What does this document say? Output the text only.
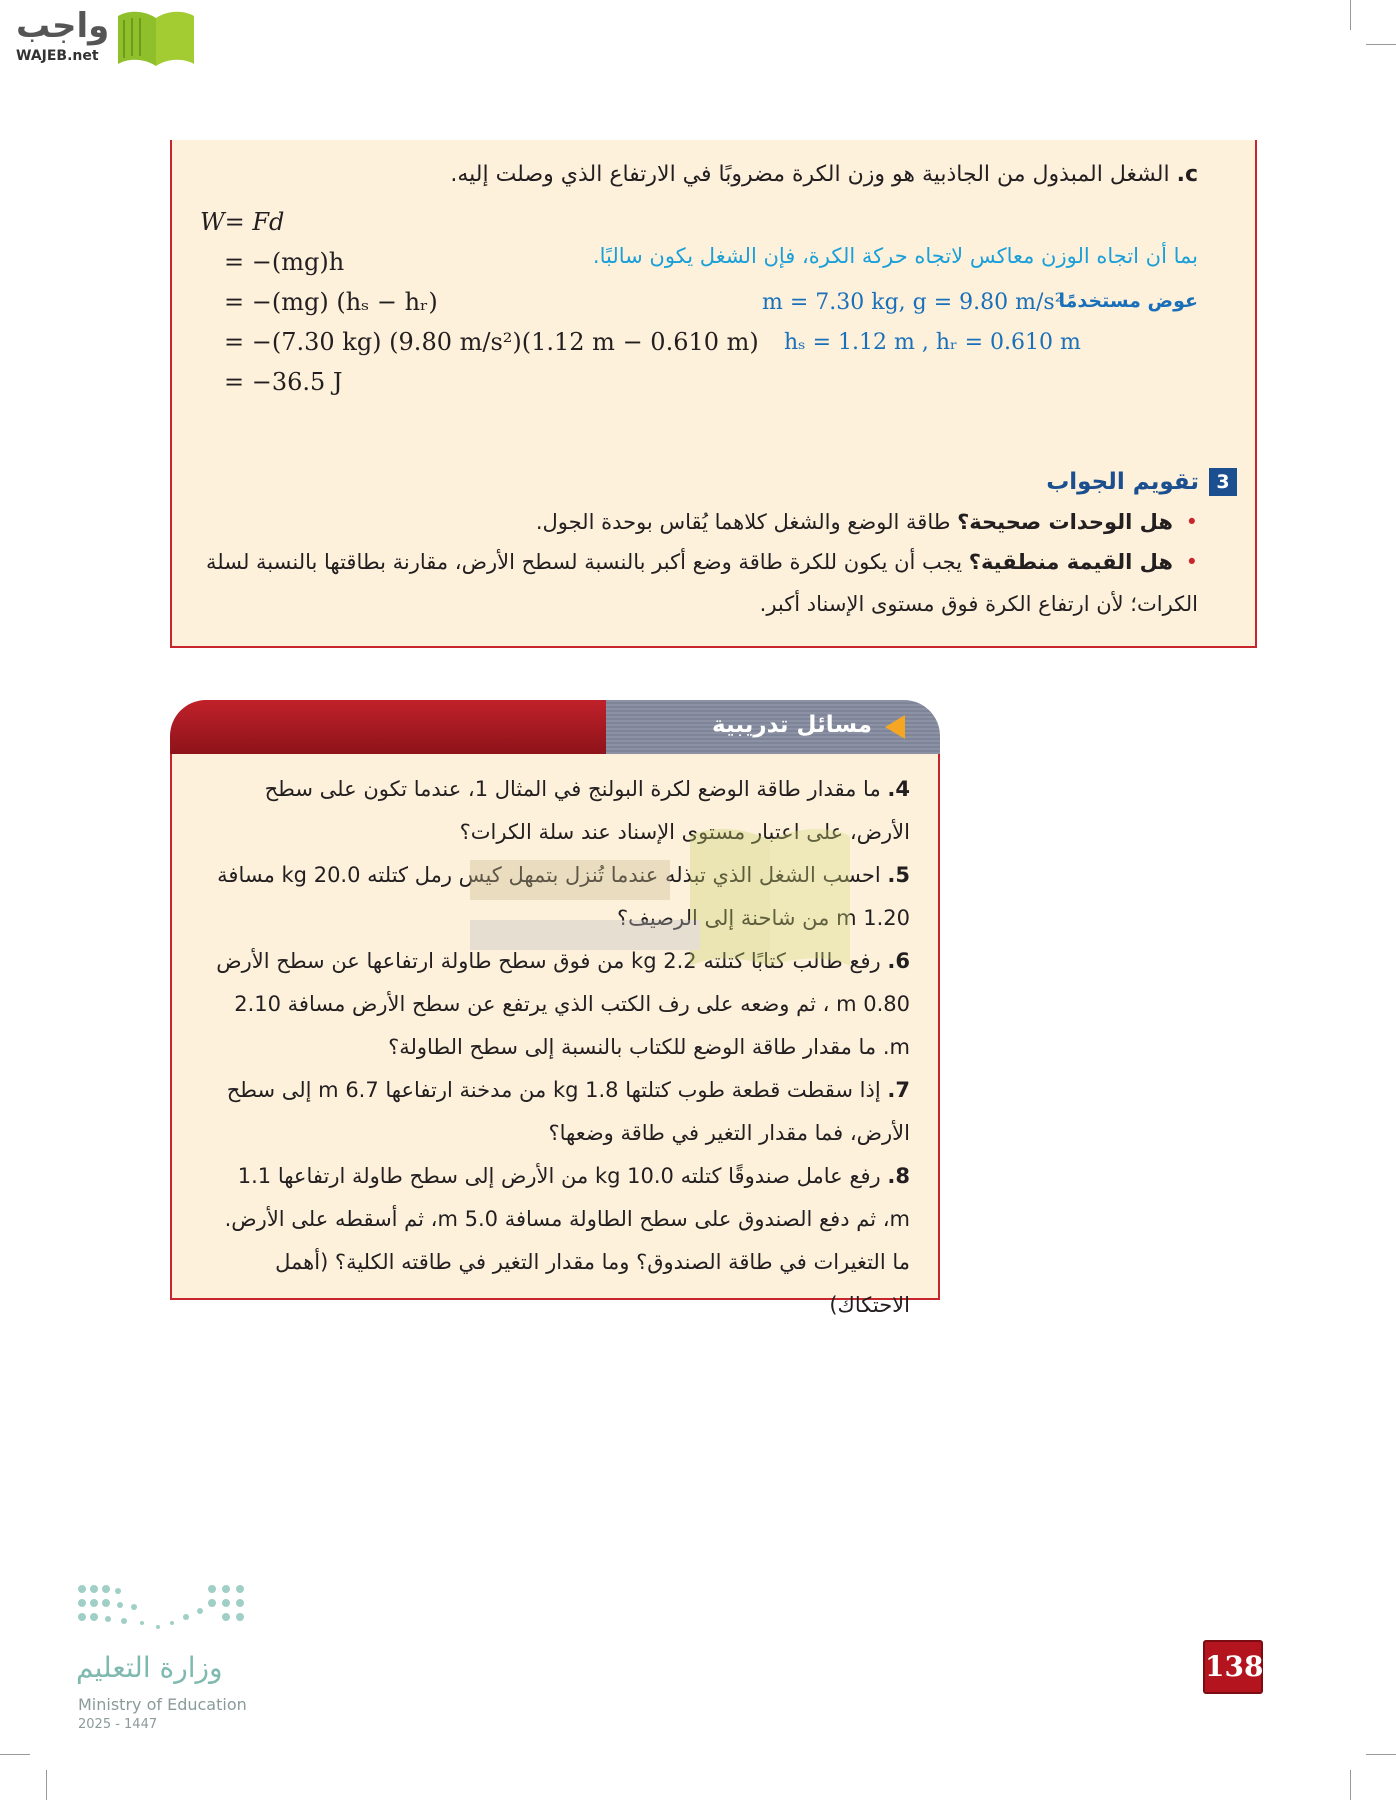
واجب
WAJEB.net
c. الشغل المبذول من الجاذبية هو وزن الكرة مضروبًا في الارتفاع الذي وصلت إليه.
W= Fd
= −(mg)h
= −(mg) (hₛ − hᵣ)
= −(7.30 kg) (9.80 m/s²)(1.12 m − 0.610 m)
= −36.5 J
بما أن اتجاه الوزن معاكس لاتجاه حركة الكرة، فإن الشغل يكون سالبًا.
عوض مستخدمًا
m = 7.30 kg, g = 9.80 m/s²
hₛ = 1.12 m , hᵣ = 0.610 m
3
تقويم الجواب
• هل الوحدات صحيحة؟ طاقة الوضع والشغل كلاهما يُقاس بوحدة الجول.
• هل القيمة منطقية؟ يجب أن يكون للكرة طاقة وضع أكبر بالنسبة لسطح الأرض، مقارنة بطاقتها بالنسبة لسلة
الكرات؛ لأن ارتفاع الكرة فوق مستوى الإسناد أكبر.
مسائل تدريبية
4. ما مقدار طاقة الوضع لكرة البولنج في المثال 1، عندما تكون على سطح الأرض، على اعتبار مستوى الإسناد عند سلة الكرات؟
5. احسب الشغل الذي تبذله عندما تُنزل بتمهل كيس رمل كتلته 20.0 kg مسافة 1.20 m من شاحنة إلى الرصيف؟
6. رفع طالب كتابًا كتلته 2.2 kg من فوق سطح طاولة ارتفاعها عن سطح الأرض 0.80 m ، ثم وضعه على رف الكتب الذي يرتفع عن سطح الأرض مسافة 2.10 m. ما مقدار طاقة الوضع للكتاب بالنسبة إلى سطح الطاولة؟
7. إذا سقطت قطعة طوب كتلتها 1.8 kg من مدخنة ارتفاعها 6.7 m إلى سطح الأرض، فما مقدار التغير في طاقة وضعها؟
8. رفع عامل صندوقًا كتلته 10.0 kg من الأرض إلى سطح طاولة ارتفاعها 1.1 m، ثم دفع الصندوق على سطح الطاولة مسافة 5.0 m، ثم أسقطه على الأرض. ما التغيرات في طاقة الصندوق؟ وما مقدار التغير في طاقته الكلية؟ (أهمل الاحتكاك)
وزارة التعليم
Ministry of Education
2025 - 1447
138
